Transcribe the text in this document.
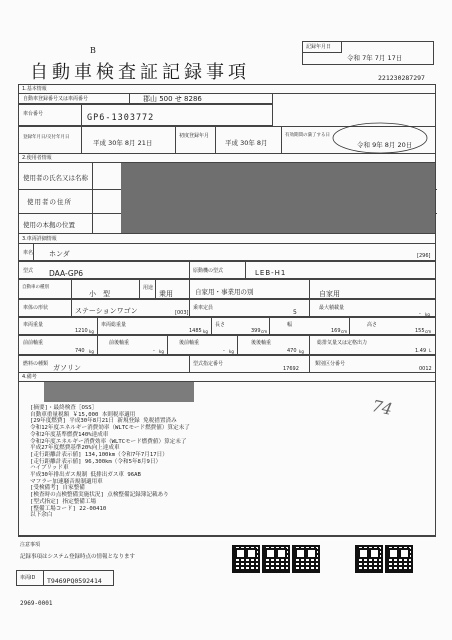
B
自動車検査証記録事項
記録年月日
令和 7年 7月 17日
221230287297
1.基本情報
自動車登録番号又は車両番号	郡山 500 せ 8286
車台番号	GP6-1303772
登録年月日/交付年月日
平成 30年 8月 21日
初度登録年月
平成 30年 8月
有効期間の満了する日
令和 9年 8月 20日
2.使用者情報
使用者の氏名又は名称
使用者の住所
使用の本拠の位置
3.車両詳細情報
車名 ホンダ	[296]
型式 DAA-GP6	原動機の型式	LEB-H1
自動車の種別
小　型
用途
乗用	自家用・事業用の別	自家用
車体の形状	ステーションワゴン	[003]
乗車定員
5
最大積載量
- kg
車両重量
1210 kg
車両総重量
1485 kg
長さ
399 cm
幅
169 cm
高さ
155 cm
前前軸重
740 kg
前後軸重
- kg
後前軸重
- kg
後後軸重
470 kg
総排気量又は定格出力
1.49 L
燃料の種類 ガソリン	型式指定番号
17692
類別区分番号
0012
4.備考
74
[摘要]・最終検査［OSS］
自動車重量税額 ￥15,000 本則税率適用
[29年度燃費] 平成30年8月21日 新規登録 免税措置済み
令和12年度エネルギー消費効率（WLTCモード燃費値）算定未了
令和2年度基準燃費140%達成車
令和2年度エネルギー消費効率（WLTCモード燃費値）算定未了
平成27年度燃費基準20%向上達成車
[走行距離計表示値] 134,100km（令和7年7月17日）
[走行距離計表示値] 96,300km（令和5年8月9日）
ハイブリッド車
平成30年排出ガス規制 低排出ガス車 96AB
マフラー加速騒音規制適用車
[受検備考] 自家整備
[検査時の点検整備実施状況] 点検整備記録簿記載あり
[型式指定] 指定整備工場
[整備工場コード] 22-00410
以下余白
注意事項
記録事項はシステム登録時点の情報となります
車両ID T9469PQ0592414
2969-0001
